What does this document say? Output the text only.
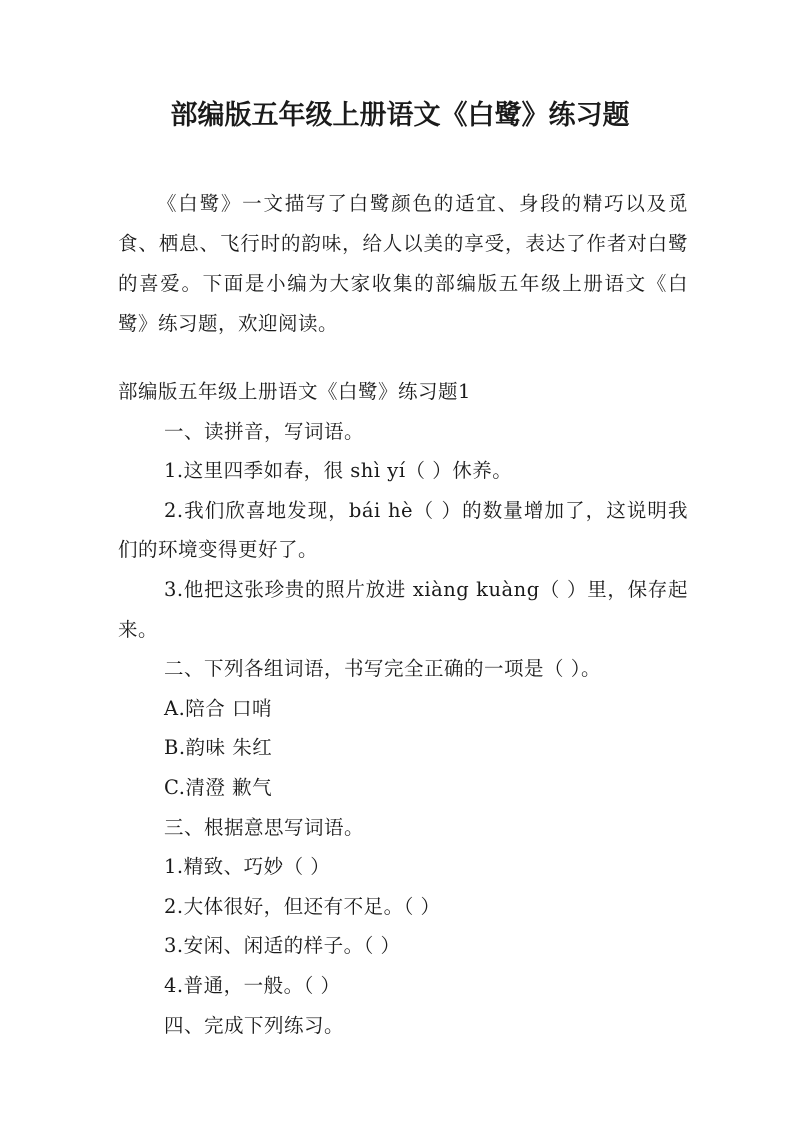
部编版五年级上册语文《白鹭》练习题

《白鹭》一文描写了白鹭颜色的适宜、身段的精巧以及觅食、栖息、飞行时的韵味，给人以美的享受，表达了作者对白鹭的喜爱。下面是小编为大家收集的部编版五年级上册语文《白鹭》练习题，欢迎阅读。

部编版五年级上册语文《白鹭》练习题1
一、读拼音，写词语。
1.这里四季如春，很 shì yí（ ）休养。
2.我们欣喜地发现，bái hè（ ）的数量增加了，这说明我们的环境变得更好了。
3.他把这张珍贵的照片放进 xiàng kuàng（ ）里，保存起来。
二、下列各组词语，书写完全正确的一项是（ ）。
A.陪合 口哨
B.韵味 朱红
C.清澄 歉气
三、根据意思写词语。
1.精致、巧妙（ ）
2.大体很好，但还有不足。（ ）
3.安闲、闲适的样子。（ ）
4.普通，一般。（ ）
四、完成下列练习。
